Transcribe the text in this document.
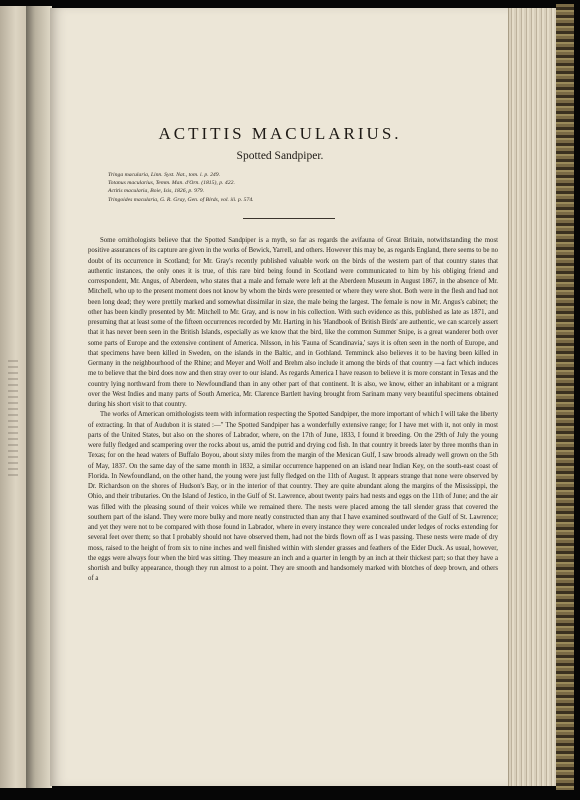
ACTITIS MACULARIUS.
Spotted Sandpiper.
Tringa macularia, Linn. Syst. Nat., tom. i. p. 249.
Totanus macularius, Temm. Man. d'Orn. (1815), p. 422.
Actitis macularia, Boie, Isis, 1826, p. 979.
Tringoides macularia, G. R. Gray, Gen. of Birds, vol. iii. p. 574.

Some ornithologists believe that the Spotted Sandpiper is a myth, so far as regards the avifauna of Great Britain, notwithstanding the most positive assurances of its capture are given in the works of Bewick, Yarrell, and others. However this may be, as regards England, there seems to be no doubt of its occurrence in Scotland; for Mr. Gray's recently published valuable work on the birds of the western part of that country states that authentic instances, the only ones it is true, of this rare bird being found in Scotland were communicated to him by his obliging friend and correspondent, Mr. Angus, of Aberdeen, who states that a male and female were left at the Aberdeen Museum in August 1867, in the absence of Mr. Mitchell, who up to the present moment does not know by whom the birds were presented or where they were shot. Both were in the flesh and had not been long dead; they were prettily marked and somewhat dissimilar in size, the male being the largest. The female is now in Mr. Angus's cabinet; the other has been kindly presented by Mr. Mitchell to Mr. Gray, and is now in his collection. With such evidence as this, published as late as 1871, and presuming that at least some of the fifteen occurrences recorded by Mr. Harting in his 'Handbook of British Birds' are authentic, we can scarcely assert that it has never been seen in the British Islands, especially as we know that the bird, like the common Summer Snipe, is a great wanderer both over some parts of Europe and the extensive continent of America. Nilsson, in his 'Fauna of Scandinavia,' says it is often seen in the north of Europe, and that specimens have been killed in Sweden, on the islands in the Baltic, and in Gothland. Temminck also believes it to be having been killed in Germany in the neighbourhood of the Rhine; and Meyer and Wolf and Brehm also include it among the birds of that country —a fact which induces me to believe that the bird does now and then stray over to our island. As regards America I have reason to believe it is more constant in Texas and the country lying northward from there to Newfoundland than in any other part of that continent. It is also, we know, either an inhabitant or a migrant over the West Indies and many parts of South America, Mr. Clarence Bartlett having brought from Sarinam many very beautiful specimens obtained during his short visit to that country.

The works of American ornithologists teem with information respecting the Spotted Sandpiper, the more important of which I will take the liberty of extracting. In that of Audubon it is stated :—" The Spotted Sandpiper has a wonderfully extensive range; for I have met with it, not only in most parts of the United States, but also on the shores of Labrador, where, on the 17th of June, 1833, I found it breeding. On the 29th of July the young were fully fledged and scampering over the rocks about us, amid the putrid and drying cod fish. In that country it breeds later by three months than in Texas; for on the head waters of Buffalo Boyou, about sixty miles from the margin of the Mexican Gulf, I saw broods already well grown on the 5th of May, 1837. On the same day of the same month in 1832, a similar occurrence happened on an island near Indian Key, on the south-east coast of Florida. In Newfoundland, on the other hand, the young were just fully fledged on the 11th of August. It appears strange that none were observed by Dr. Richardson on the shores of Hudson's Bay, or in the interior of that country. They are quite abundant along the margins of the Mississippi, the Ohio, and their tributaries. On the Island of Jestico, in the Gulf of St. Lawrence, about twenty pairs had nests and eggs on the 11th of June; and the air was filled with the pleasing sound of their voices while we remained there. The nests were placed among the tall slender grass that covered the southern part of the island. They were more bulky and more neatly constructed than any that I have examined southward of the Gulf of St. Lawrence; and yet they were not to be compared with those found in Labrador, where in every instance they were concealed under ledges of rocks extending for several feet over them; so that I probably should not have observed them, had not the birds flown off as I was passing. These nests were made of dry moss, raised to the height of from six to nine inches and well finished within with slender grasses and feathers of the Eider Duck. As usual, however, the eggs were always four when the bird was sitting. They measure an inch and a quarter in length by an inch at their thickest part; so that they have a shortish and bulky appearance, though they run almost to a point. They are smooth and handsomely marked with blotches of deep brown, and others of a
